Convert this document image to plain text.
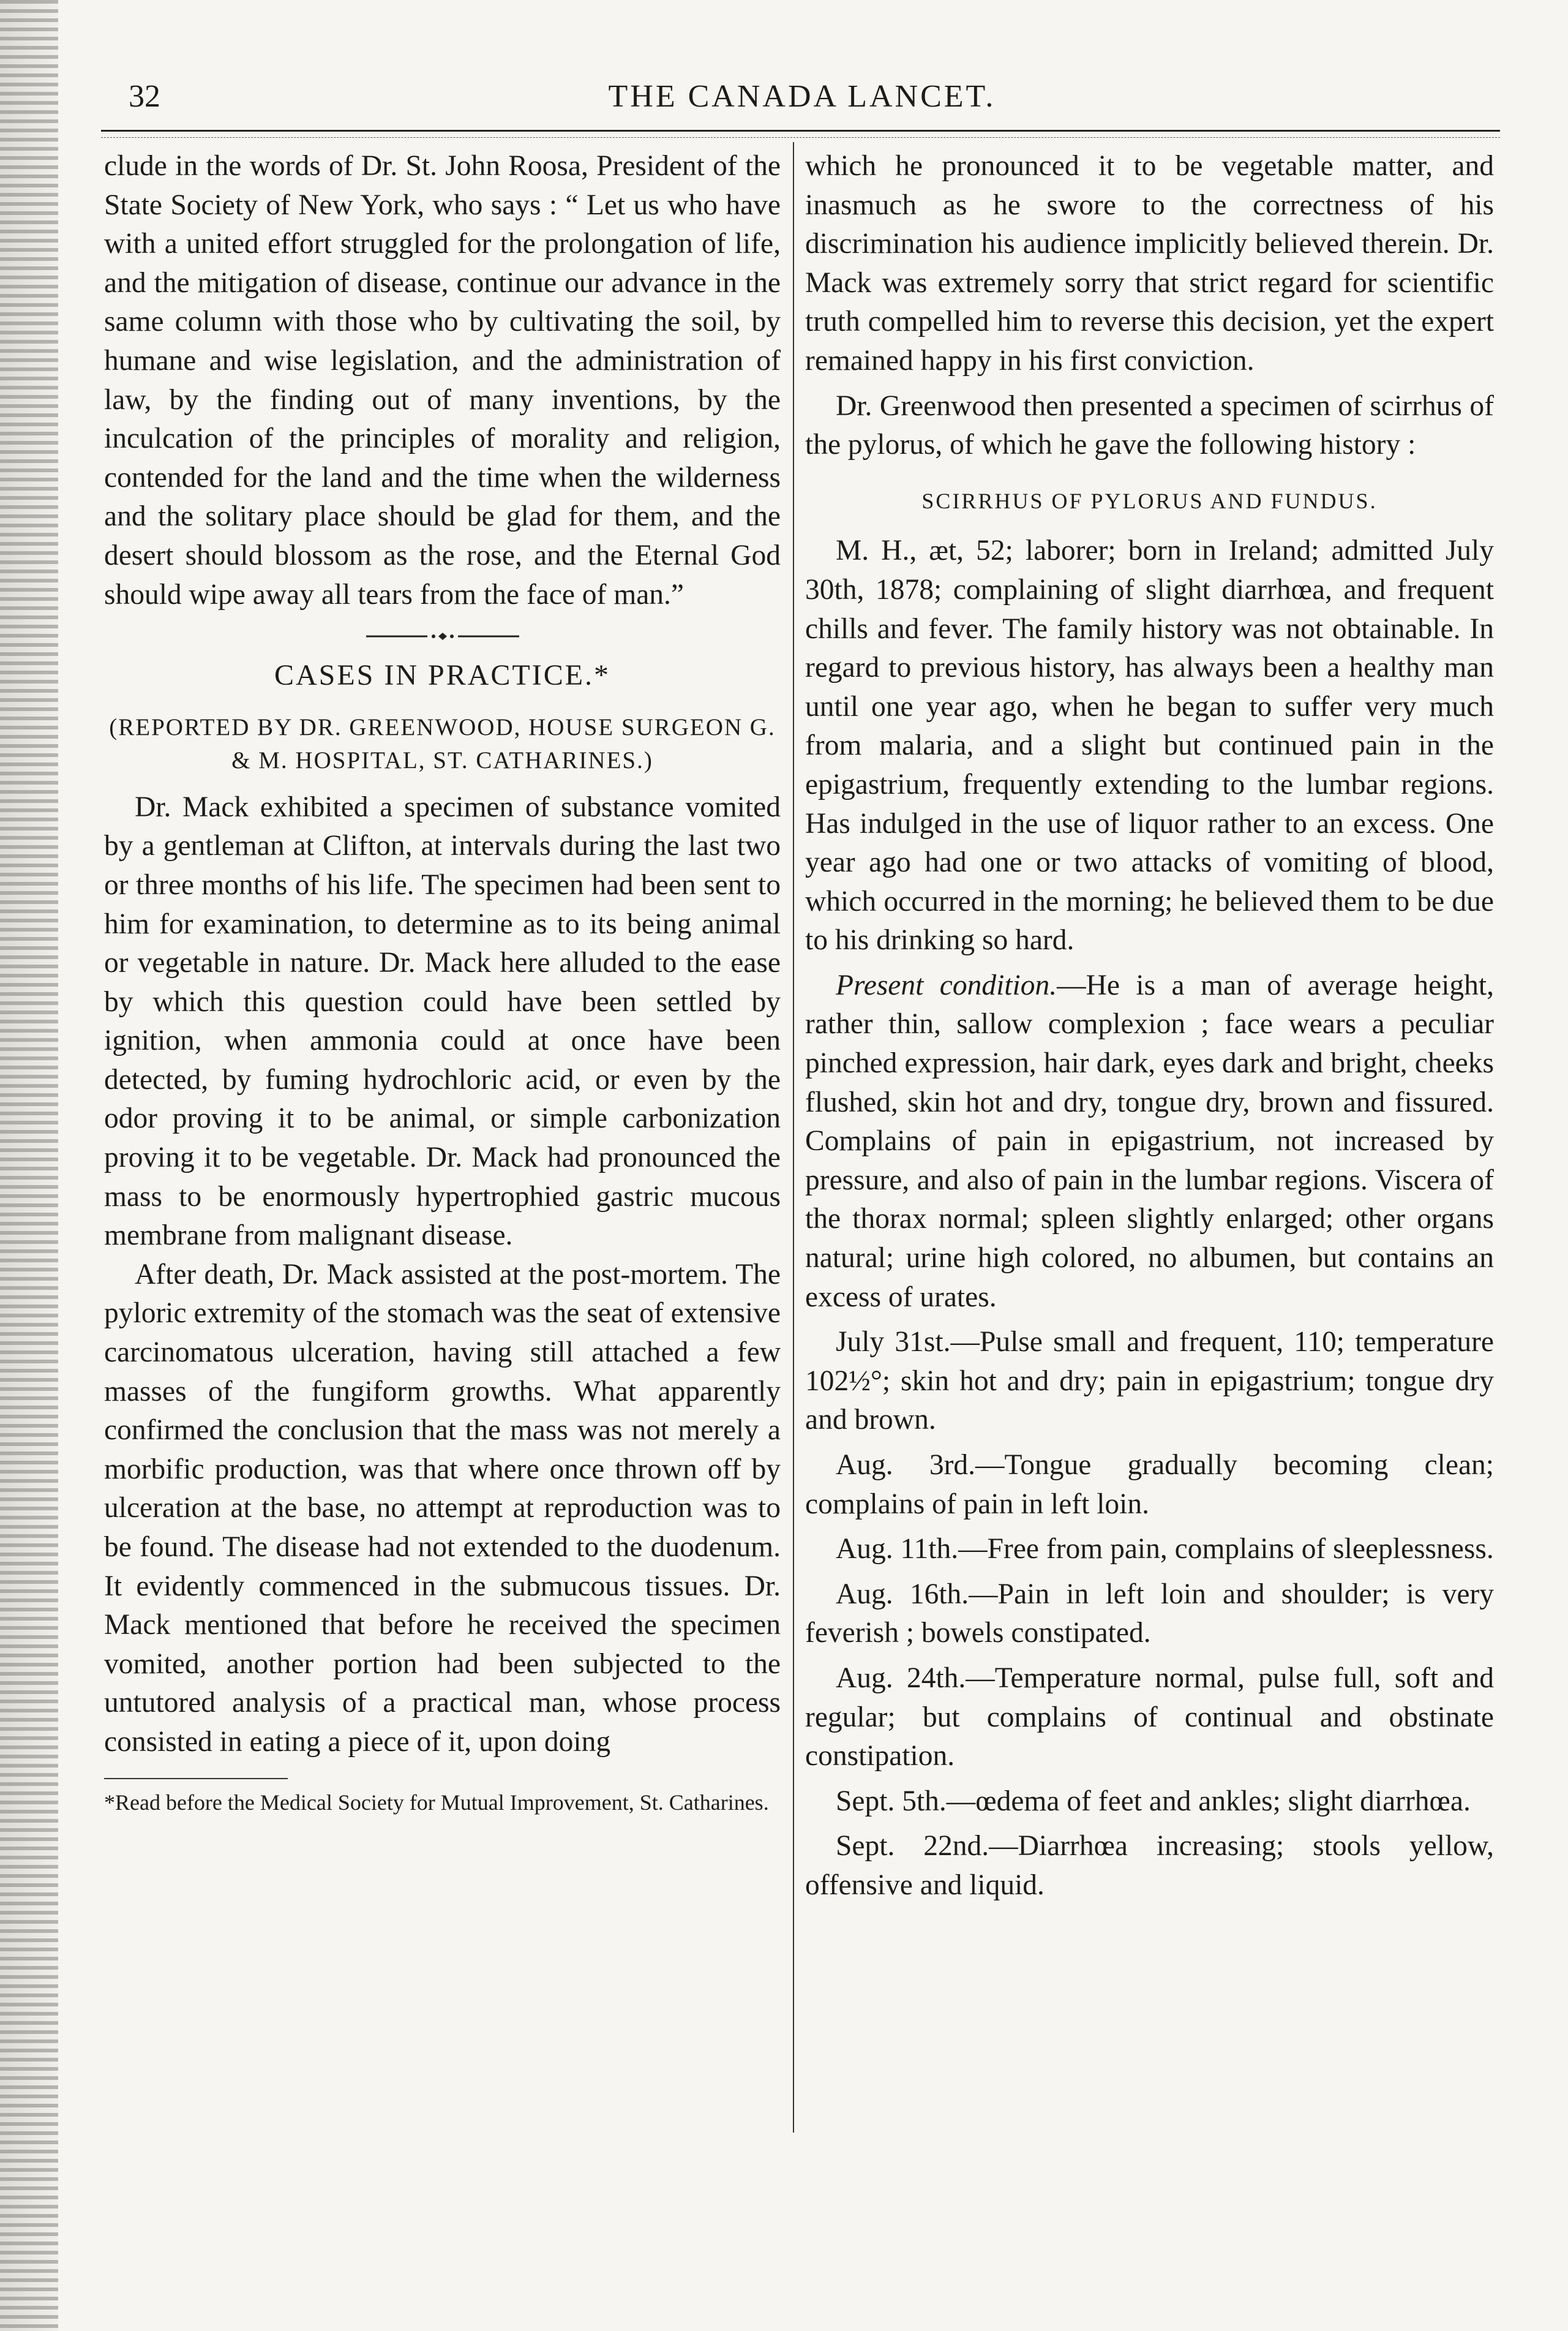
32	THE CANADA LANCET.

clude in the words of Dr. St. John Roosa, President of the State Society of New York, who says : “ Let us who have with a united effort struggled for the prolongation of life, and the mitigation of disease, continue our advance in the same column with those who by cultivating the soil, by humane and wise legislation, and the administration of law, by the finding out of many inventions, by the inculcation of the principles of morality and religion, contended for the land and the time when the wilderness and the solitary place should be glad for them, and the desert should blossom as the rose, and the Eternal God should wipe away all tears from the face of man.”

CASES IN PRACTICE.*
(REPORTED BY DR. GREENWOOD, HOUSE SURGEON G. & M. HOSPITAL, ST. CATHARINES.)

Dr. Mack exhibited a specimen of substance vomited by a gentleman at Clifton, at intervals during the last two or three months of his life. The specimen had been sent to him for examination, to determine as to its being animal or vegetable in nature. Dr. Mack here alluded to the ease by which this question could have been settled by ignition, when ammonia could at once have been detected, by fuming hydrochloric acid, or even by the odor proving it to be animal, or simple carbonization proving it to be vegetable. Dr. Mack had pronounced the mass to be enormously hypertrophied gastric mucous membrane from malignant disease.

After death, Dr. Mack assisted at the post-mortem. The pyloric extremity of the stomach was the seat of extensive carcinomatous ulceration, having still attached a few masses of the fungiform growths. What apparently confirmed the conclusion that the mass was not merely a morbific production, was that where once thrown off by ulceration at the base, no attempt at reproduction was to be found. The disease had not extended to the duodenum. It evidently commenced in the submucous tissues. Dr. Mack mentioned that before he received the specimen vomited, another portion had been subjected to the untutored analysis of a practical man, whose process consisted in eating a piece of it, upon doing

*Read before the Medical Society for Mutual Improvement, St. Catharines.

which he pronounced it to be vegetable matter, and inasmuch as he swore to the correctness of his discrimination his audience implicitly believed therein. Dr. Mack was extremely sorry that strict regard for scientific truth compelled him to reverse this decision, yet the expert remained happy in his first conviction.

Dr. Greenwood then presented a specimen of scirrhus of the pylorus, of which he gave the following history :

SCIRRHUS OF PYLORUS AND FUNDUS.

M. H., æt, 52; laborer; born in Ireland; admitted July 30th, 1878; complaining of slight diarrhœa, and frequent chills and fever. The family history was not obtainable. In regard to previous history, has always been a healthy man until one year ago, when he began to suffer very much from malaria, and a slight but continued pain in the epigastrium, frequently extending to the lumbar regions. Has indulged in the use of liquor rather to an excess. One year ago had one or two attacks of vomiting of blood, which occurred in the morning; he believed them to be due to his drinking so hard.

Present condition.—He is a man of average height, rather thin, sallow complexion ; face wears a peculiar pinched expression, hair dark, eyes dark and bright, cheeks flushed, skin hot and dry, tongue dry, brown and fissured. Complains of pain in epigastrium, not increased by pressure, and also of pain in the lumbar regions. Viscera of the thorax normal; spleen slightly enlarged; other organs natural; urine high colored, no albumen, but contains an excess of urates.

July 31st.—Pulse small and frequent, 110; temperature 102½°; skin hot and dry; pain in epigastrium; tongue dry and brown.

Aug. 3rd.—Tongue gradually becoming clean; complains of pain in left loin.

Aug. 11th.—Free from pain, complains of sleeplessness.

Aug. 16th.—Pain in left loin and shoulder; is very feverish ; bowels constipated.

Aug. 24th.—Temperature normal, pulse full, soft and regular; but complains of continual and obstinate constipation.

Sept. 5th.—œdema of feet and ankles; slight diarrhœa.

Sept. 22nd.—Diarrhœa increasing; stools yellow, offensive and liquid.
